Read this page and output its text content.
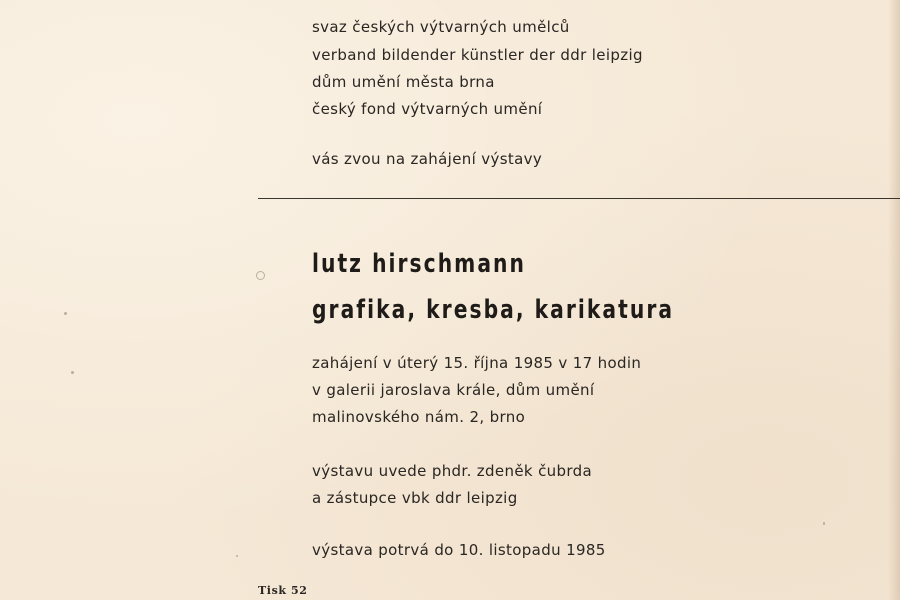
svaz českých výtvarných umělců
verband bildender künstler der ddr leipzig
dům umění města brna
český fond výtvarných umění
vás zvou na zahájení výstavy
lutz hirschmann
grafika, kresba, karikatura
zahájení v úterý 15. října 1985 v 17 hodin
v galerii jaroslava krále, dům umění
malinovského nám. 2, brno
výstavu uvede phdr. zdeněk čubrda
a zástupce vbk ddr leipzig
výstava potrvá do 10. listopadu 1985
Tisk 52
